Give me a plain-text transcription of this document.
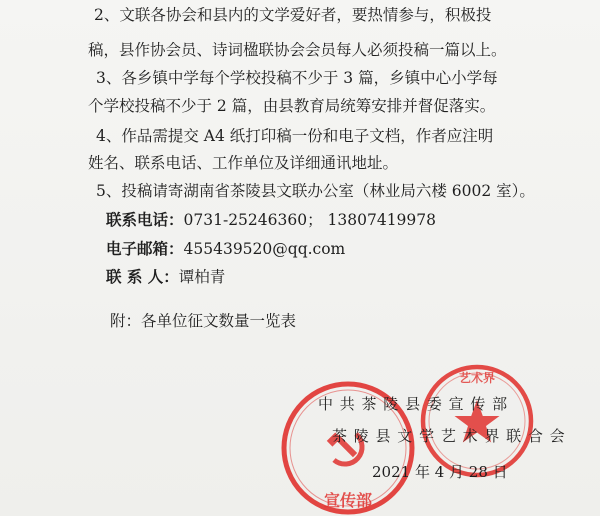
2、文联各协会和县内的文学爱好者，要热情参与，积极投
稿，县作协会员、诗词楹联协会会员每人必须投稿一篇以上。
3、各乡镇中学每个学校投稿不少于 3 篇，乡镇中心小学每
个学校投稿不少于 2 篇，由县教育局统筹安排并督促落实。
4、作品需提交 A4 纸打印稿一份和电子文档，作者应注明
姓名、联系电话、工作单位及详细通讯地址。
5、投稿请寄湖南省茶陵县文联办公室（林业局六楼 6002 室）。
联系电话：0731-25246360； 13807419978
电子邮箱：455439520@qq.com
联 系 人：谭柏青
附：各单位征文数量一览表
宣传部
艺术界
中 共 茶 陵 县 委 宣 传 部
茶 陵 县 文 学 艺 术 界 联 合 会
2021 年 4 月 28 日
